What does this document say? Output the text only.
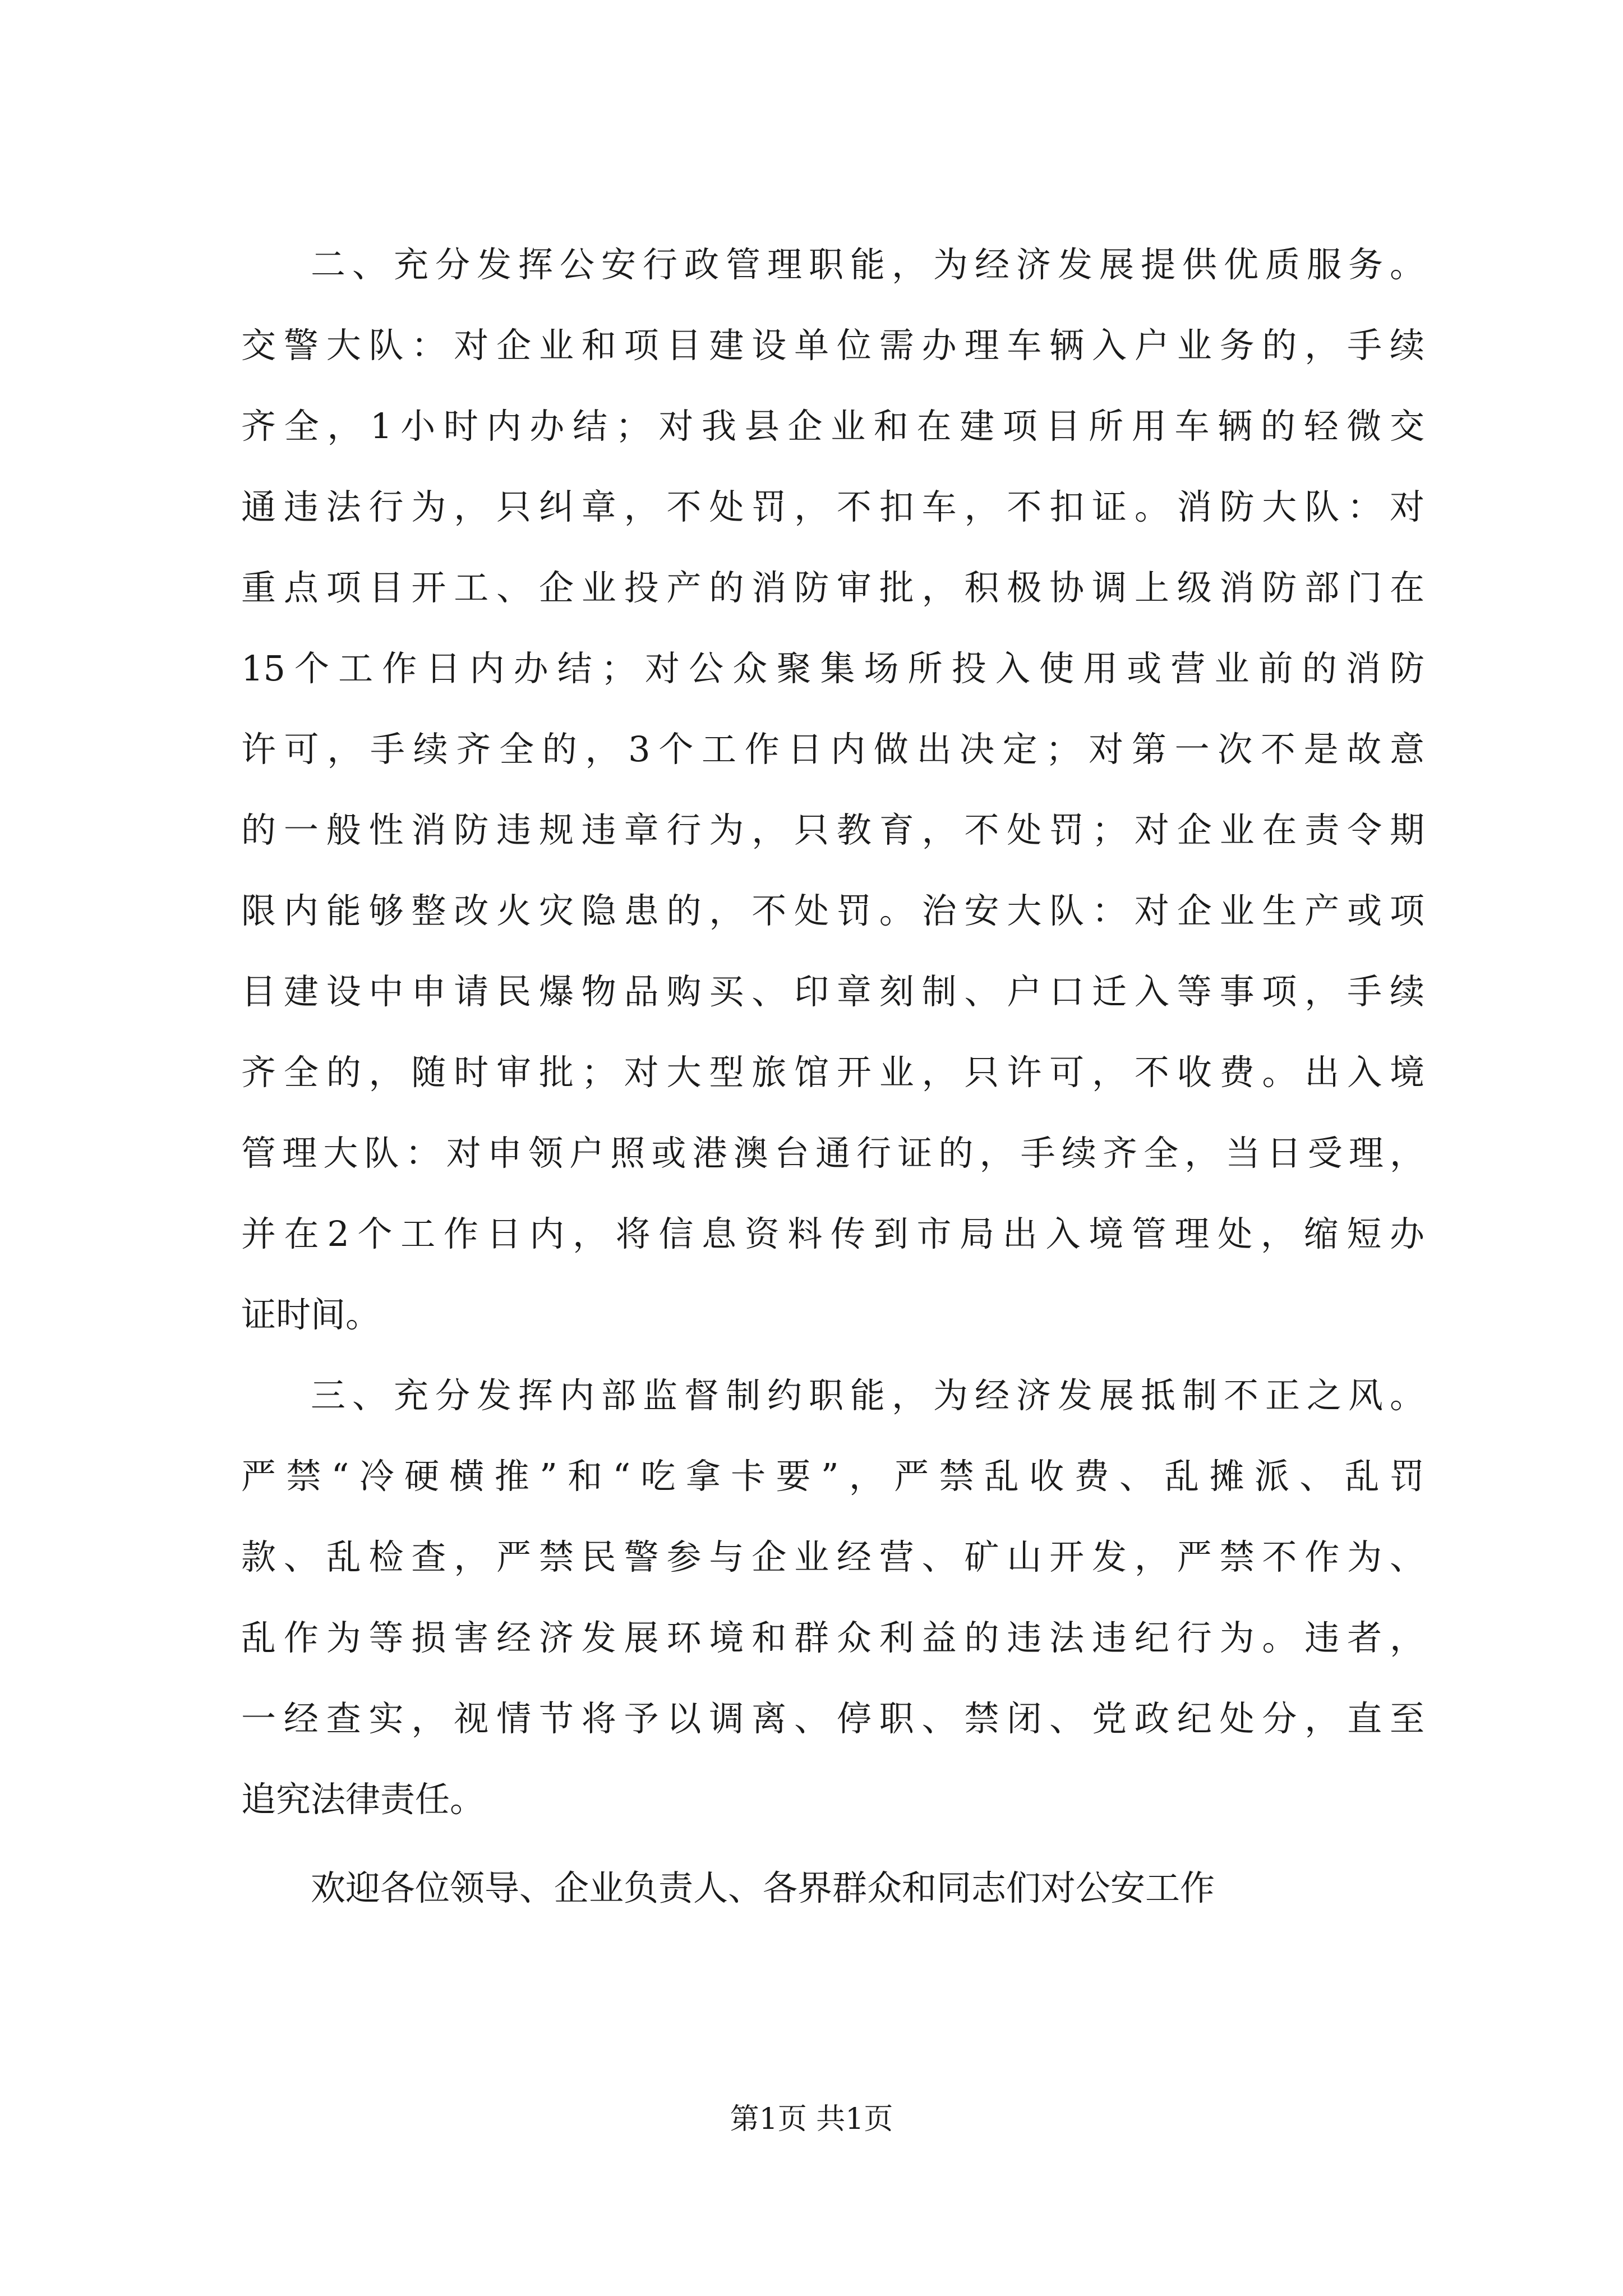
二、充分发挥公安行政管理职能，为经济发展提供优质服务。
交警大队：对企业和项目建设单位需办理车辆入户业务的，手续
齐全，1小时内办结；对我县企业和在建项目所用车辆的轻微交
通违法行为，只纠章，不处罚，不扣车，不扣证。消防大队：对
重点项目开工、企业投产的消防审批，积极协调上级消防部门在
15个工作日内办结；对公众聚集场所投入使用或营业前的消防
许可，手续齐全的，3个工作日内做出决定；对第一次不是故意
的一般性消防违规违章行为，只教育，不处罚；对企业在责令期
限内能够整改火灾隐患的，不处罚。治安大队：对企业生产或项
目建设中申请民爆物品购买、印章刻制、户口迁入等事项，手续
齐全的，随时审批；对大型旅馆开业，只许可，不收费。出入境
管理大队：对申领户照或港澳台通行证的，手续齐全，当日受理，
并在2个工作日内，将信息资料传到市局出入境管理处，缩短办
证时间。
三、充分发挥内部监督制约职能，为经济发展抵制不正之风。
严禁“冷硬横推”和“吃拿卡要”，严禁乱收费、乱摊派、乱罚
款、乱检查，严禁民警参与企业经营、矿山开发，严禁不作为、
乱作为等损害经济发展环境和群众利益的违法违纪行为。违者，
一经查实，视情节将予以调离、停职、禁闭、党政纪处分，直至
追究法律责任。
欢迎各位领导、企业负责人、各界群众和同志们对公安工作
第1页 共1页
